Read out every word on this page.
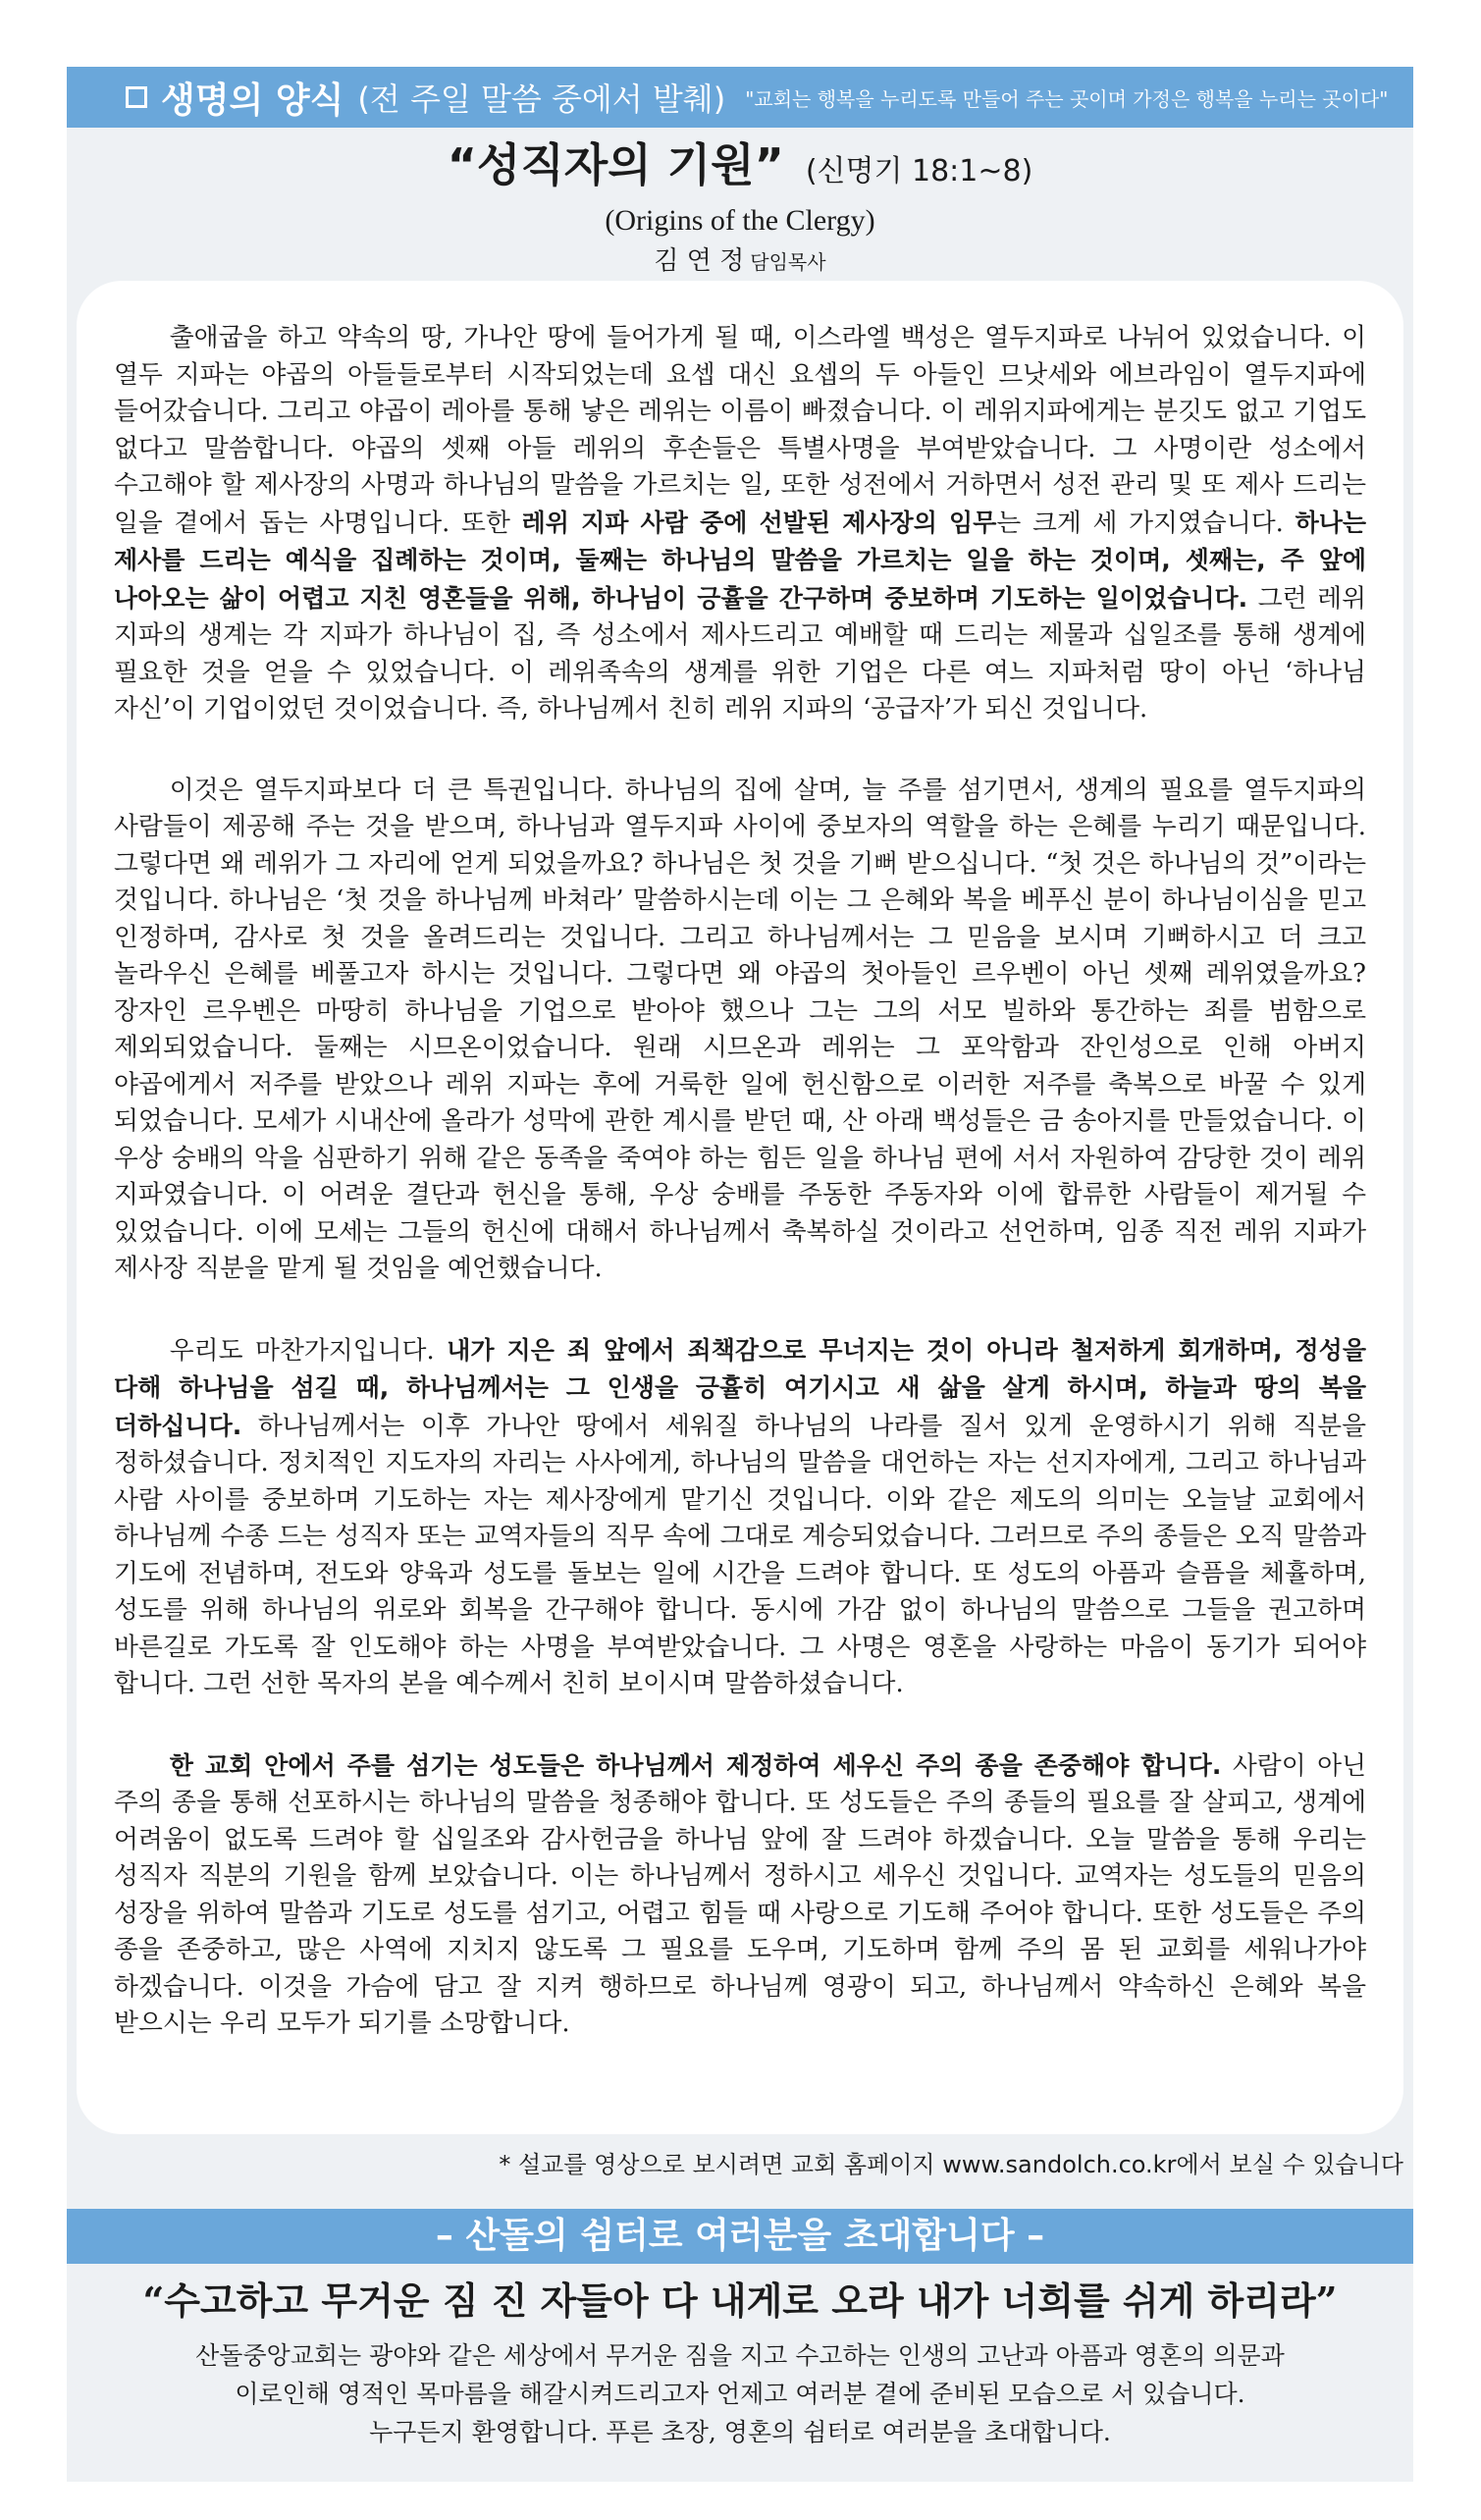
생명의 양식 (전 주일 말씀 중에서 발췌) "교회는 행복을 누리도록 만들어 주는 곳이며 가정은 행복을 누리는 곳이다"
“성직자의 기원” (신명기 18:1~8)
(Origins of the Clergy)
김 연 정 담임목사

출애굽을 하고 약속의 땅, 가나안 땅에 들어가게 될 때, 이스라엘 백성은 열두지파로 나뉘어 있었습니다. 이 열두 지파는 야곱의 아들들로부터 시작되었는데 요셉 대신 요셉의 두 아들인 므낫세와 에브라임이 열두지파에 들어갔습니다. 그리고 야곱이 레아를 통해 낳은 레위는 이름이 빠졌습니다. 이 레위지파에게는 분깃도 없고 기업도 없다고 말씀합니다. 야곱의 셋째 아들 레위의 후손들은 특별사명을 부여받았습니다. 그 사명이란 성소에서 수고해야 할 제사장의 사명과 하나님의 말씀을 가르치는 일, 또한 성전에서 거하면서 성전 관리 및 또 제사 드리는 일을 곁에서 돕는 사명입니다. 또한 레위 지파 사람 중에 선발된 제사장의 임무는 크게 세 가지였습니다. 하나는 제사를 드리는 예식을 집례하는 것이며, 둘째는 하나님의 말씀을 가르치는 일을 하는 것이며, 셋째는, 주 앞에 나아오는 삶이 어렵고 지친 영혼들을 위해, 하나님이 긍휼을 간구하며 중보하며 기도하는 일이었습니다. 그런 레위 지파의 생계는 각 지파가 하나님이 집, 즉 성소에서 제사드리고 예배할 때 드리는 제물과 십일조를 통해 생계에 필요한 것을 얻을 수 있었습니다. 이 레위족속의 생계를 위한 기업은 다른 여느 지파처럼 땅이 아닌 ‘하나님 자신’이 기업이었던 것이었습니다. 즉, 하나님께서 친히 레위 지파의 ‘공급자’가 되신 것입니다.

이것은 열두지파보다 더 큰 특권입니다. 하나님의 집에 살며, 늘 주를 섬기면서, 생계의 필요를 열두지파의 사람들이 제공해 주는 것을 받으며, 하나님과 열두지파 사이에 중보자의 역할을 하는 은혜를 누리기 때문입니다. 그렇다면 왜 레위가 그 자리에 얻게 되었을까요? 하나님은 첫 것을 기뻐 받으십니다. “첫 것은 하나님의 것”이라는 것입니다. 하나님은 ‘첫 것을 하나님께 바쳐라’ 말씀하시는데 이는 그 은혜와 복을 베푸신 분이 하나님이심을 믿고 인정하며, 감사로 첫 것을 올려드리는 것입니다. 그리고 하나님께서는 그 믿음을 보시며 기뻐하시고 더 크고 놀라우신 은혜를 베풀고자 하시는 것입니다. 그렇다면 왜 야곱의 첫아들인 르우벤이 아닌 셋째 레위였을까요? 장자인 르우벤은 마땅히 하나님을 기업으로 받아야 했으나 그는 그의 서모 빌하와 통간하는 죄를 범함으로 제외되었습니다. 둘째는 시므온이었습니다. 원래 시므온과 레위는 그 포악함과 잔인성으로 인해 아버지 야곱에게서 저주를 받았으나 레위 지파는 후에 거룩한 일에 헌신함으로 이러한 저주를 축복으로 바꿀 수 있게 되었습니다. 모세가 시내산에 올라가 성막에 관한 계시를 받던 때, 산 아래 백성들은 금 송아지를 만들었습니다. 이 우상 숭배의 악을 심판하기 위해 같은 동족을 죽여야 하는 힘든 일을 하나님 편에 서서 자원하여 감당한 것이 레위 지파였습니다. 이 어려운 결단과 헌신을 통해, 우상 숭배를 주동한 주동자와 이에 합류한 사람들이 제거될 수 있었습니다. 이에 모세는 그들의 헌신에 대해서 하나님께서 축복하실 것이라고 선언하며, 임종 직전 레위 지파가 제사장 직분을 맡게 될 것임을 예언했습니다.

우리도 마찬가지입니다. 내가 지은 죄 앞에서 죄책감으로 무너지는 것이 아니라 철저하게 회개하며, 정성을 다해 하나님을 섬길 때, 하나님께서는 그 인생을 긍휼히 여기시고 새 삶을 살게 하시며, 하늘과 땅의 복을 더하십니다. 하나님께서는 이후 가나안 땅에서 세워질 하나님의 나라를 질서 있게 운영하시기 위해 직분을 정하셨습니다. 정치적인 지도자의 자리는 사사에게, 하나님의 말씀을 대언하는 자는 선지자에게, 그리고 하나님과 사람 사이를 중보하며 기도하는 자는 제사장에게 맡기신 것입니다. 이와 같은 제도의 의미는 오늘날 교회에서 하나님께 수종 드는 성직자 또는 교역자들의 직무 속에 그대로 계승되었습니다. 그러므로 주의 종들은 오직 말씀과 기도에 전념하며, 전도와 양육과 성도를 돌보는 일에 시간을 드려야 합니다. 또 성도의 아픔과 슬픔을 체휼하며, 성도를 위해 하나님의 위로와 회복을 간구해야 합니다. 동시에 가감 없이 하나님의 말씀으로 그들을 권고하며 바른길로 가도록 잘 인도해야 하는 사명을 부여받았습니다. 그 사명은 영혼을 사랑하는 마음이 동기가 되어야 합니다. 그런 선한 목자의 본을 예수께서 친히 보이시며 말씀하셨습니다.

한 교회 안에서 주를 섬기는 성도들은 하나님께서 제정하여 세우신 주의 종을 존중해야 합니다. 사람이 아닌 주의 종을 통해 선포하시는 하나님의 말씀을 청종해야 합니다. 또 성도들은 주의 종들의 필요를 잘 살피고, 생계에 어려움이 없도록 드려야 할 십일조와 감사헌금을 하나님 앞에 잘 드려야 하겠습니다. 오늘 말씀을 통해 우리는 성직자 직분의 기원을 함께 보았습니다. 이는 하나님께서 정하시고 세우신 것입니다. 교역자는 성도들의 믿음의 성장을 위하여 말씀과 기도로 성도를 섬기고, 어렵고 힘들 때 사랑으로 기도해 주어야 합니다. 또한 성도들은 주의 종을 존중하고, 많은 사역에 지치지 않도록 그 필요를 도우며, 기도하며 함께 주의 몸 된 교회를 세워나가야 하겠습니다. 이것을 가슴에 담고 잘 지켜 행하므로 하나님께 영광이 되고, 하나님께서 약속하신 은혜와 복을 받으시는 우리 모두가 되기를 소망합니다.

* 설교를 영상으로 보시려면 교회 홈페이지 www.sandolch.co.kr에서 보실 수 있습니다
– 산돌의 쉼터로 여러분을 초대합니다 –
“수고하고 무거운 짐 진 자들아 다 내게로 오라 내가 너희를 쉬게 하리라”
산돌중앙교회는 광야와 같은 세상에서 무거운 짐을 지고 수고하는 인생의 고난과 아픔과 영혼의 의문과
이로인해 영적인 목마름을 해갈시켜드리고자 언제고 여러분 곁에 준비된 모습으로 서 있습니다.
누구든지 환영합니다. 푸른 초장, 영혼의 쉼터로 여러분을 초대합니다.
